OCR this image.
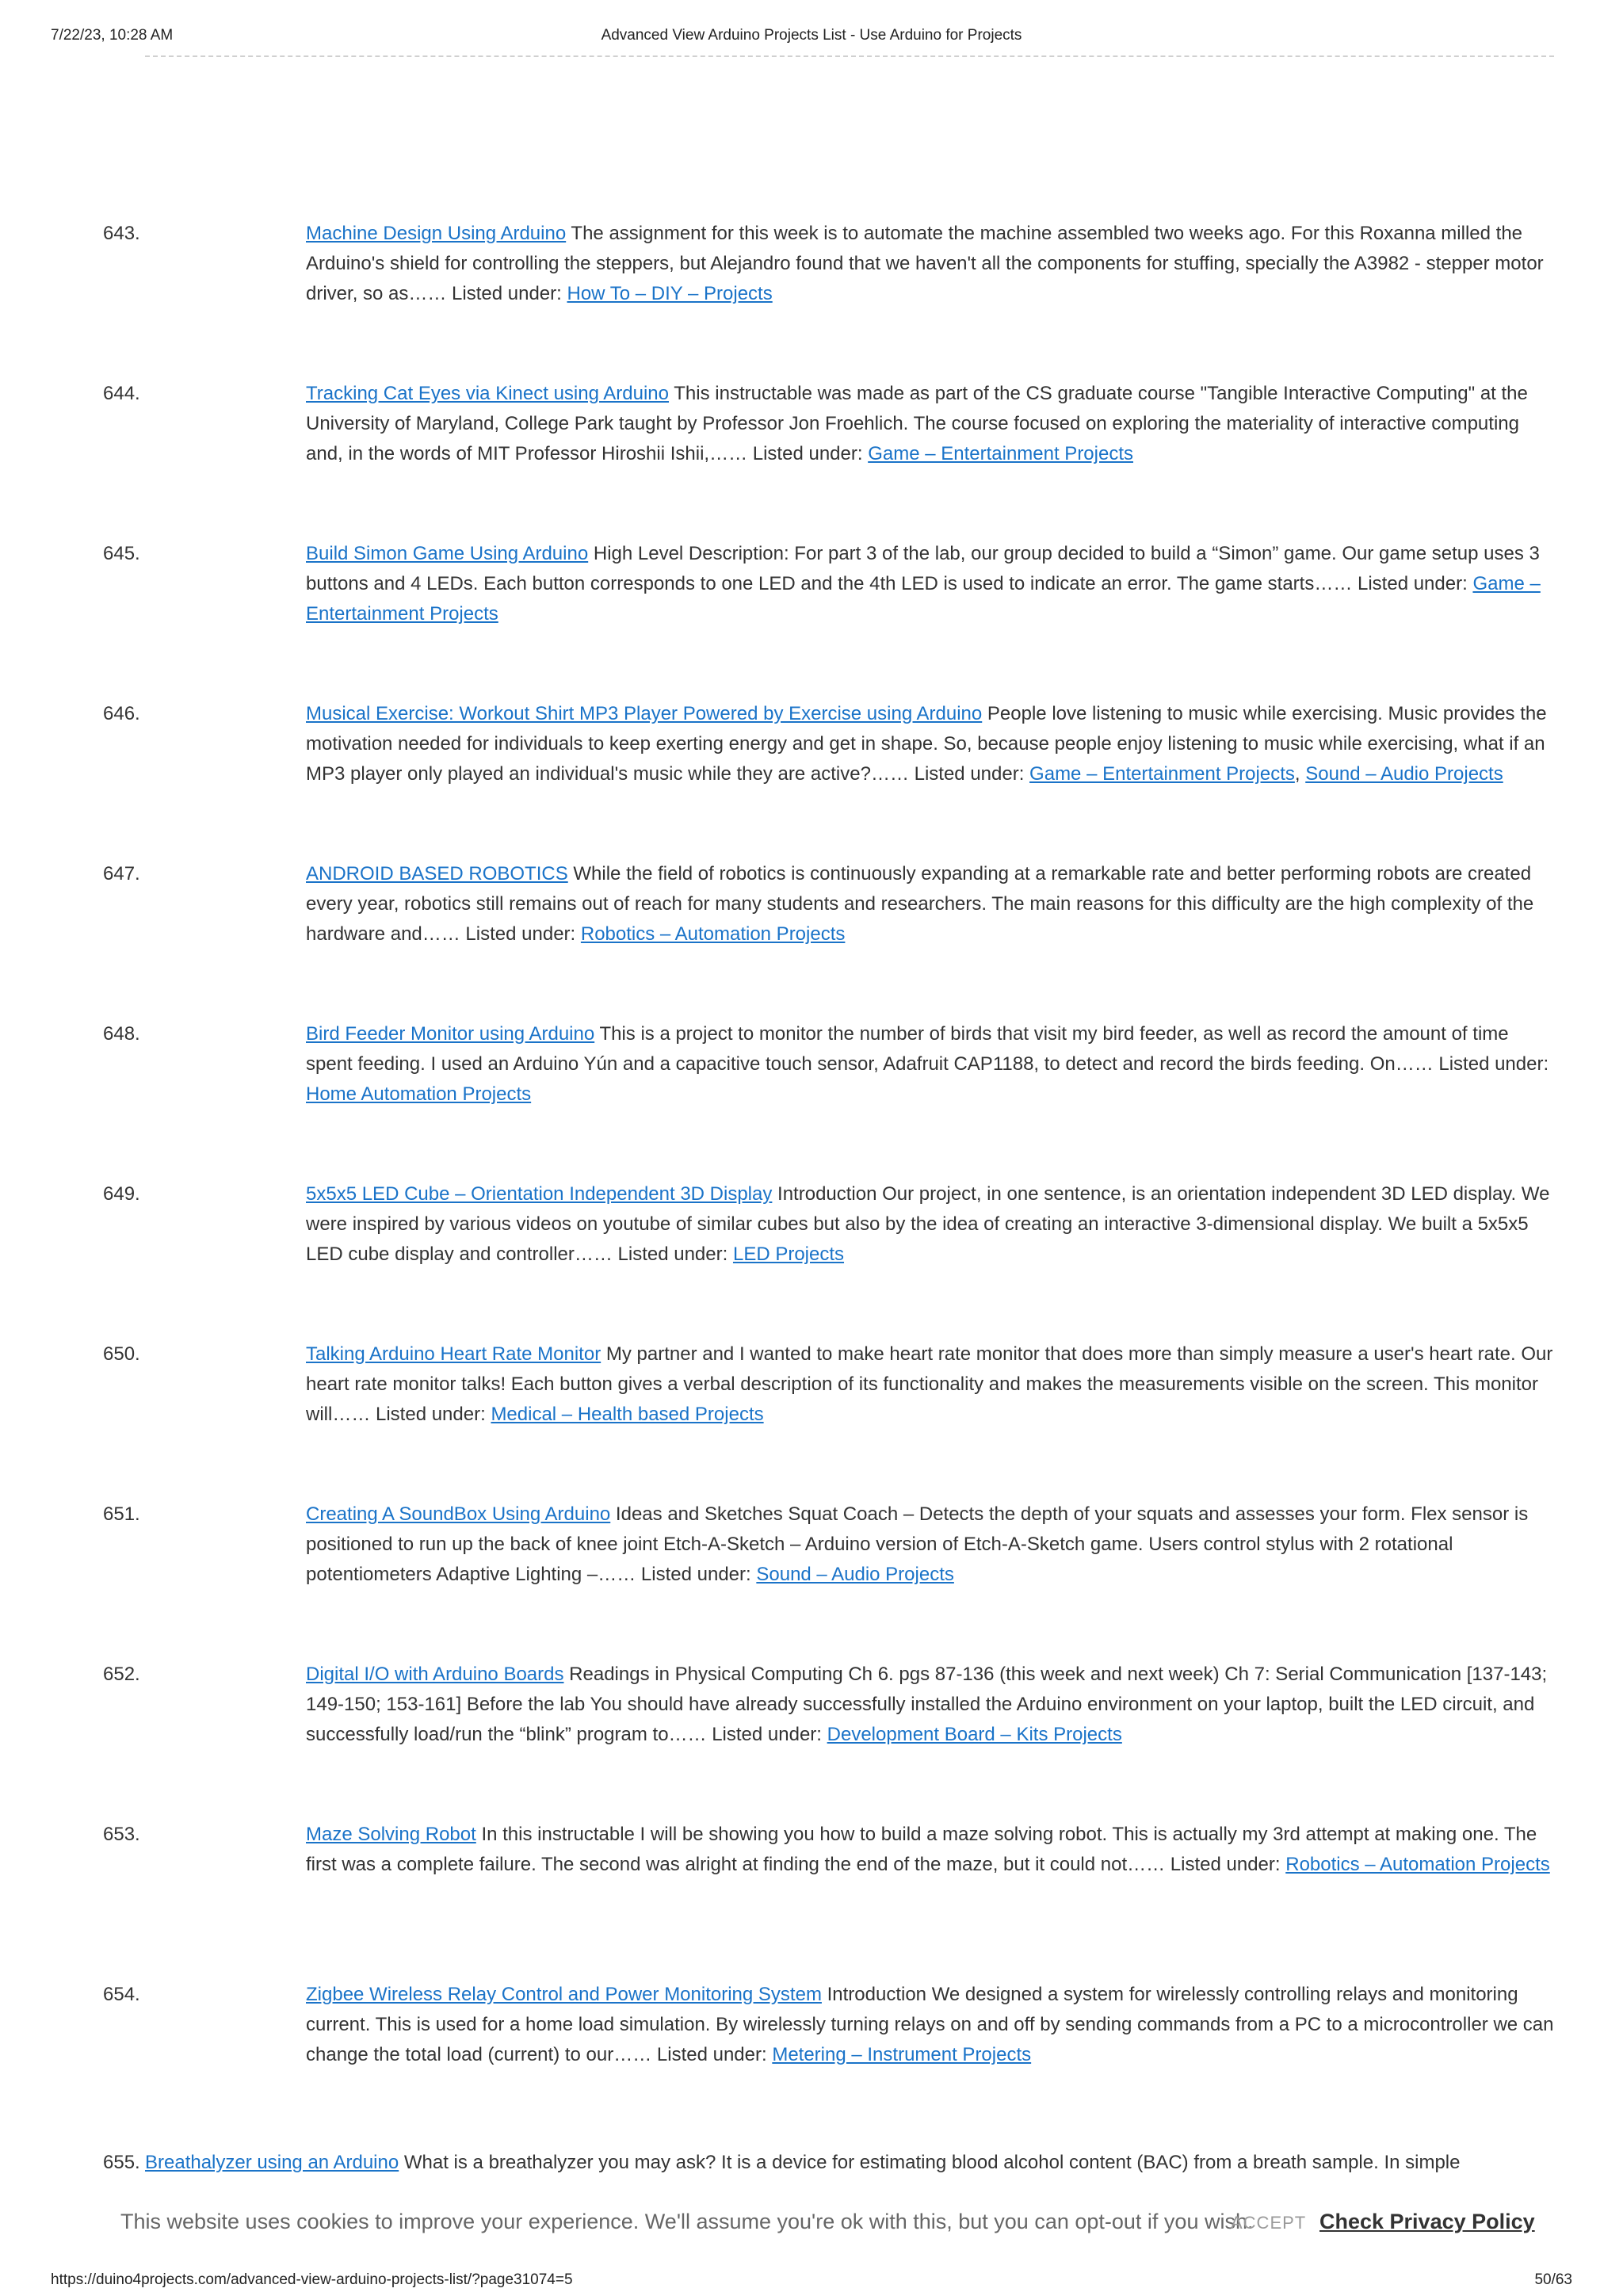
7/22/23, 10:28 AM	Advanced View Arduino Projects List - Use Arduino for Projects
643.	Machine Design Using Arduino The assignment for this week is to automate the machine assembled two weeks ago. For this Roxanna milled the Arduino's shield for controlling the steppers, but Alejandro found that we haven't all the components for stuffing, specially the A3982 - stepper motor driver, so as…… Listed under: How To – DIY – Projects
644.	Tracking Cat Eyes via Kinect using Arduino This instructable was made as part of the CS graduate course "Tangible Interactive Computing" at the University of Maryland, College Park taught by Professor Jon Froehlich. The course focused on exploring the materiality of interactive computing and, in the words of MIT Professor Hiroshii Ishii,…… Listed under: Game – Entertainment Projects
645.	Build Simon Game Using Arduino High Level Description: For part 3 of the lab, our group decided to build a “Simon” game. Our game setup uses 3 buttons and 4 LEDs. Each button corresponds to one LED and the 4th LED is used to indicate an error. The game starts…… Listed under: Game – Entertainment Projects
646.	Musical Exercise: Workout Shirt MP3 Player Powered by Exercise using Arduino People love listening to music while exercising. Music provides the motivation needed for individuals to keep exerting energy and get in shape. So, because people enjoy listening to music while exercising, what if an MP3 player only played an individual's music while they are active?…… Listed under: Game – Entertainment Projects, Sound – Audio Projects
647.	ANDROID BASED ROBOTICS While the field of robotics is continuously expanding at a remarkable rate and better performing robots are created every year, robotics still remains out of reach for many students and researchers. The main reasons for this difficulty are the high complexity of the hardware and…… Listed under: Robotics – Automation Projects
648.	Bird Feeder Monitor using Arduino This is a project to monitor the number of birds that visit my bird feeder, as well as record the amount of time spent feeding. I used an Arduino Yún and a capacitive touch sensor, Adafruit CAP1188, to detect and record the birds feeding. On…… Listed under: Home Automation Projects
649.	5x5x5 LED Cube – Orientation Independent 3D Display Introduction Our project, in one sentence, is an orientation independent 3D LED display. We were inspired by various videos on youtube of similar cubes but also by the idea of creating an interactive 3-dimensional display. We built a 5x5x5 LED cube display and controller…… Listed under: LED Projects
650.	Talking Arduino Heart Rate Monitor My partner and I wanted to make heart rate monitor that does more than simply measure a user's heart rate. Our heart rate monitor talks! Each button gives a verbal description of its functionality and makes the measurements visible on the screen. This monitor will…… Listed under: Medical – Health based Projects
651.	Creating A SoundBox Using Arduino Ideas and Sketches Squat Coach – Detects the depth of your squats and assesses your form. Flex sensor is positioned to run up the back of knee joint Etch-A-Sketch – Arduino version of Etch-A-Sketch game. Users control stylus with 2 rotational potentiometers Adaptive Lighting –…… Listed under: Sound – Audio Projects
652.	Digital I/O with Arduino Boards Readings in Physical Computing Ch 6. pgs 87-136 (this week and next week) Ch 7: Serial Communication [137-143; 149-150; 153-161] Before the lab You should have already successfully installed the Arduino environment on your laptop, built the LED circuit, and successfully load/run the “blink” program to…… Listed under: Development Board – Kits Projects
653.	Maze Solving Robot In this instructable I will be showing you how to build a maze solving robot. This is actually my 3rd attempt at making one. The first was a complete failure. The second was alright at finding the end of the maze, but it could not…… Listed under: Robotics – Automation Projects
654.	Zigbee Wireless Relay Control and Power Monitoring System Introduction We designed a system for wirelessly controlling relays and monitoring current. This is used for a home load simulation. By wirelessly turning relays on and off by sending commands from a PC to a microcontroller we can change the total load (current) to our…… Listed under: Metering – Instrument Projects
655. Breathalyzer using an Arduino What is a breathalyzer you may ask? It is a device for estimating blood alcohol content (BAC) from a breath sample. In simple
This website uses cookies to improve your experience. We'll assume you're ok with this, but you can opt-out if you wish.
ACCEPT Check Privacy Policy
https://duino4projects.com/advanced-view-arduino-projects-list/?page31074=5	50/63
